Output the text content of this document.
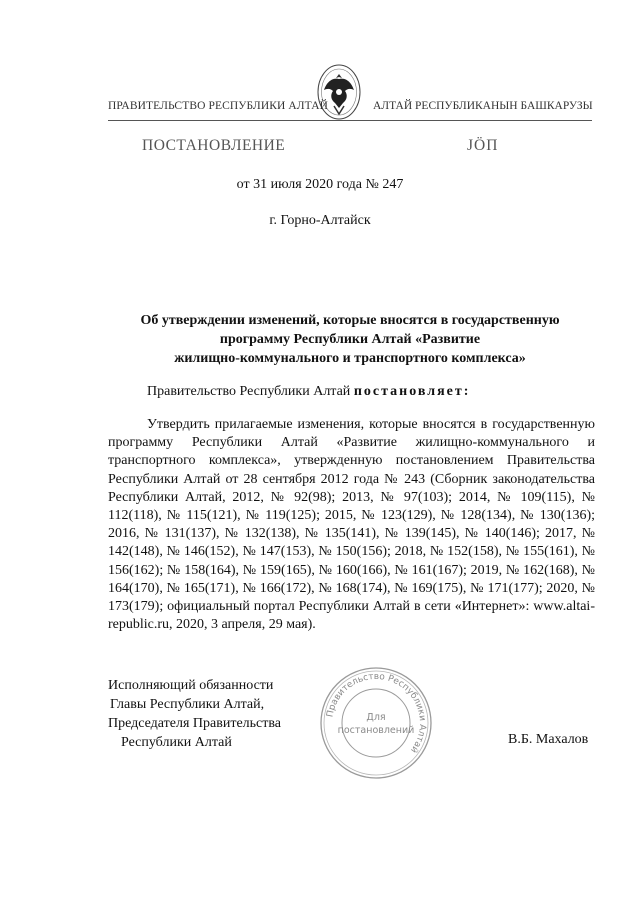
ПРАВИТЕЛЬСТВО РЕСПУБЛИКИ АЛТАЙ	АЛТАЙ РЕСПУБЛИКАНЫН БАШКАРУЗЫ
ПОСТАНОВЛЕНИЕ	ЈӦП
от 31 июля 2020 года № 247
г. Горно-Алтайск
Об утверждении изменений, которые вносятся в государственную
программу Республики Алтай «Развитие
жилищно-коммунального и транспортного комплекса»
Правительство Республики Алтай постановляет:
Утвердить прилагаемые изменения, которые вносятся в государственную программу Республики Алтай «Развитие жилищно-коммунального и транспортного комплекса», утвержденную постановлением Правительства Республики Алтай от 28 сентября 2012 года № 243 (Сборник законодательства Республики Алтай, 2012, № 92(98); 2013, № 97(103); 2014, № 109(115), № 112(118), № 115(121), № 119(125); 2015, № 123(129), № 128(134), № 130(136); 2016, № 131(137), № 132(138), № 135(141), № 139(145), № 140(146); 2017, № 142(148), № 146(152), № 147(153), № 150(156); 2018, № 152(158), № 155(161), № 156(162); № 158(164), № 159(165), № 160(166), № 161(167); 2019, № 162(168), № 164(170), № 165(171), № 166(172), № 168(174), № 169(175), № 171(177); 2020, № 173(179); официальный портал Республики Алтай в сети «Интернет»: www.altai-republic.ru, 2020, 3 апреля, 29 мая).
Исполняющий обязанности
Главы Республики Алтай,
Председателя Правительства
Республики Алтай	В.Б. Махалов
Правительство Республики Алтай
Для
постановлений
